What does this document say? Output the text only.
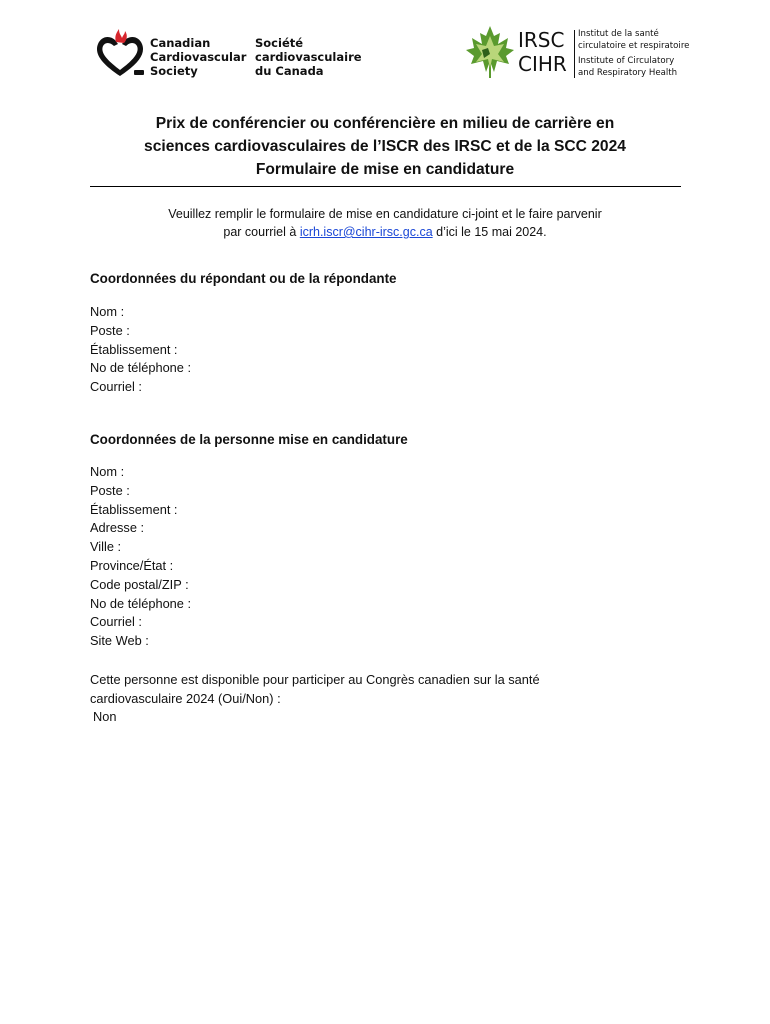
Canadian
Cardiovascular
Society
Société
cardiovasculaire
du Canada
IRSC
CIHR
Institut de la santé
circulatoire et respiratoire
Institute of Circulatory
and Respiratory Health
Prix de conférencier ou conférencière en milieu de carrière en
sciences cardiovasculaires de l’ISCR des IRSC et de la SCC 2024
Formulaire de mise en candidature
Veuillez remplir le formulaire de mise en candidature ci-joint et le faire parvenir
par courriel à icrh.iscr@cihr-irsc.gc.ca d’ici le 15 mai 2024.
Coordonnées du répondant ou de la répondante
Nom :
Poste :
Établissement :
No de téléphone :
Courriel :
Coordonnées de la personne mise en candidature
Nom :
Poste :
Établissement :
Adresse :
Ville :
Province/État :
Code postal/ZIP :
No de téléphone :
Courriel :
Site Web :
Cette personne est disponible pour participer au Congrès canadien sur la santé
cardiovasculaire 2024 (Oui/Non) :
Non
